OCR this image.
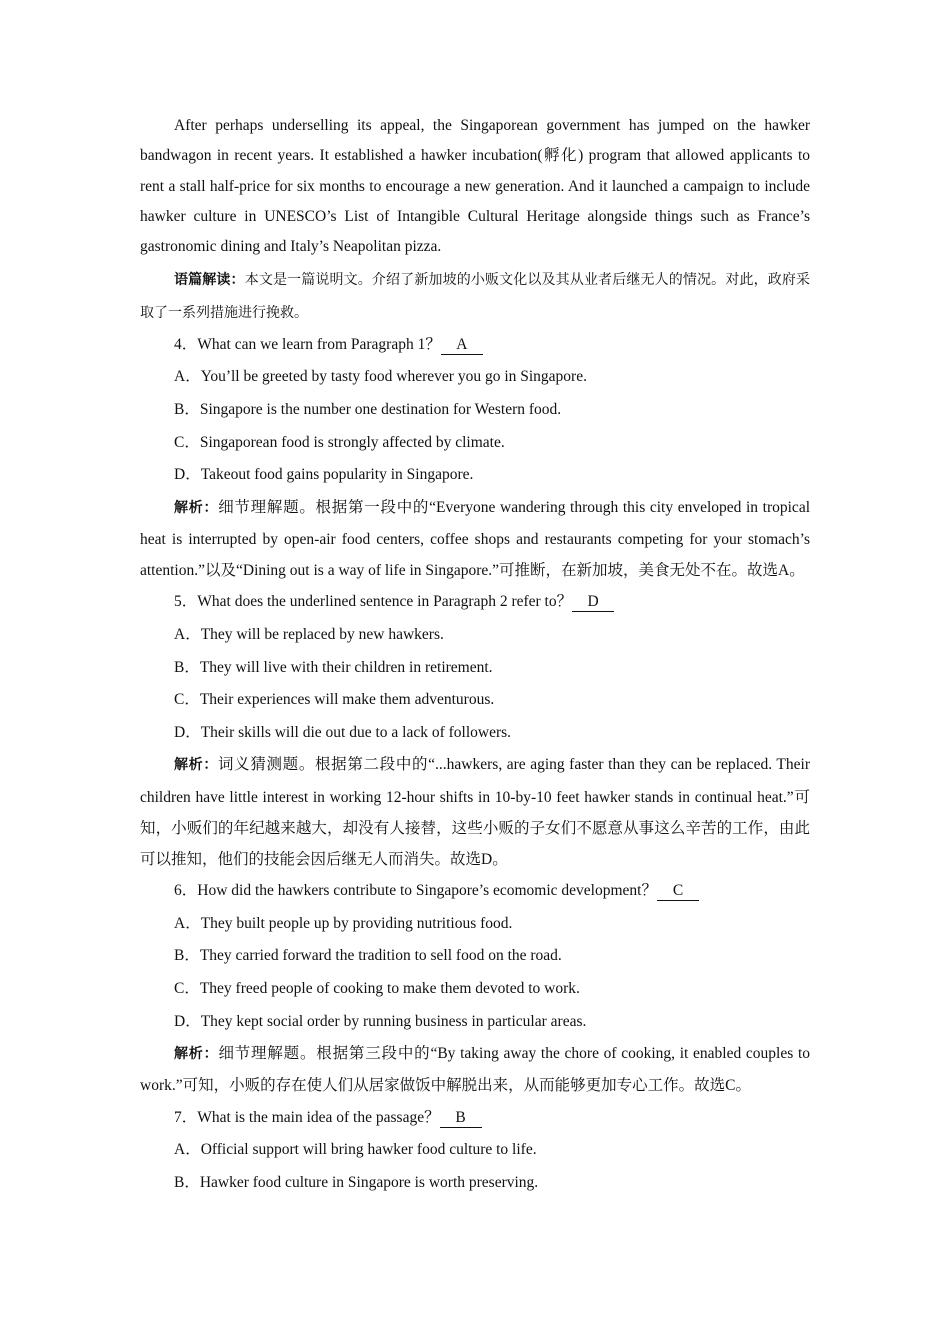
After perhaps underselling its appeal, the Singaporean government has jumped on the hawker bandwagon in recent years. It established a hawker incubation(孵化) program that allowed applicants to rent a stall half-price for six months to encourage a new generation. And it launched a campaign to include hawker culture in UNESCO’s List of Intangible Cultural Heritage alongside things such as France’s gastronomic dining and Italy’s Neapolitan pizza.

语篇解读：本文是一篇说明文。介绍了新加坡的小贩文化以及其从业者后继无人的情况。对此，政府采取了一系列措施进行挽救。

4．What can we learn from Paragraph 1？ A

A．You’ll be greeted by tasty food wherever you go in Singapore.

B．Singapore is the number one destination for Western food.

C．Singaporean food is strongly affected by climate.

D．Takeout food gains popularity in Singapore.

解析：细节理解题。根据第一段中的“Everyone wandering through this city enveloped in tropical heat is interrupted by open-air food centers, coffee shops and restaurants competing for your stomach’s attention.”以及“Dining out is a way of life in Singapore.”可推断，在新加坡，美食无处不在。故选A。

5．What does the underlined sentence in Paragraph 2 refer to？ D

A．They will be replaced by new hawkers.

B．They will live with their children in retirement.

C．Their experiences will make them adventurous.

D．Their skills will die out due to a lack of followers.

解析：词义猜测题。根据第二段中的“...hawkers, are aging faster than they can be replaced. Their children have little interest in working 12-hour shifts in 10-by-10 feet hawker stands in continual heat.”可知，小贩们的年纪越来越大，却没有人接替，这些小贩的子女们不愿意从事这么辛苦的工作，由此可以推知，他们的技能会因后继无人而消失。故选D。

6．How did the hawkers contribute to Singapore’s ecomomic development？ C

A．They built people up by providing nutritious food.

B．They carried forward the tradition to sell food on the road.

C．They freed people of cooking to make them devoted to work.

D．They kept social order by running business in particular areas.

解析：细节理解题。根据第三段中的“By taking away the chore of cooking, it enabled couples to work.”可知，小贩的存在使人们从居家做饭中解脱出来，从而能够更加专心工作。故选C。

7．What is the main idea of the passage？ B

A．Official support will bring hawker food culture to life.

B．Hawker food culture in Singapore is worth preserving.
